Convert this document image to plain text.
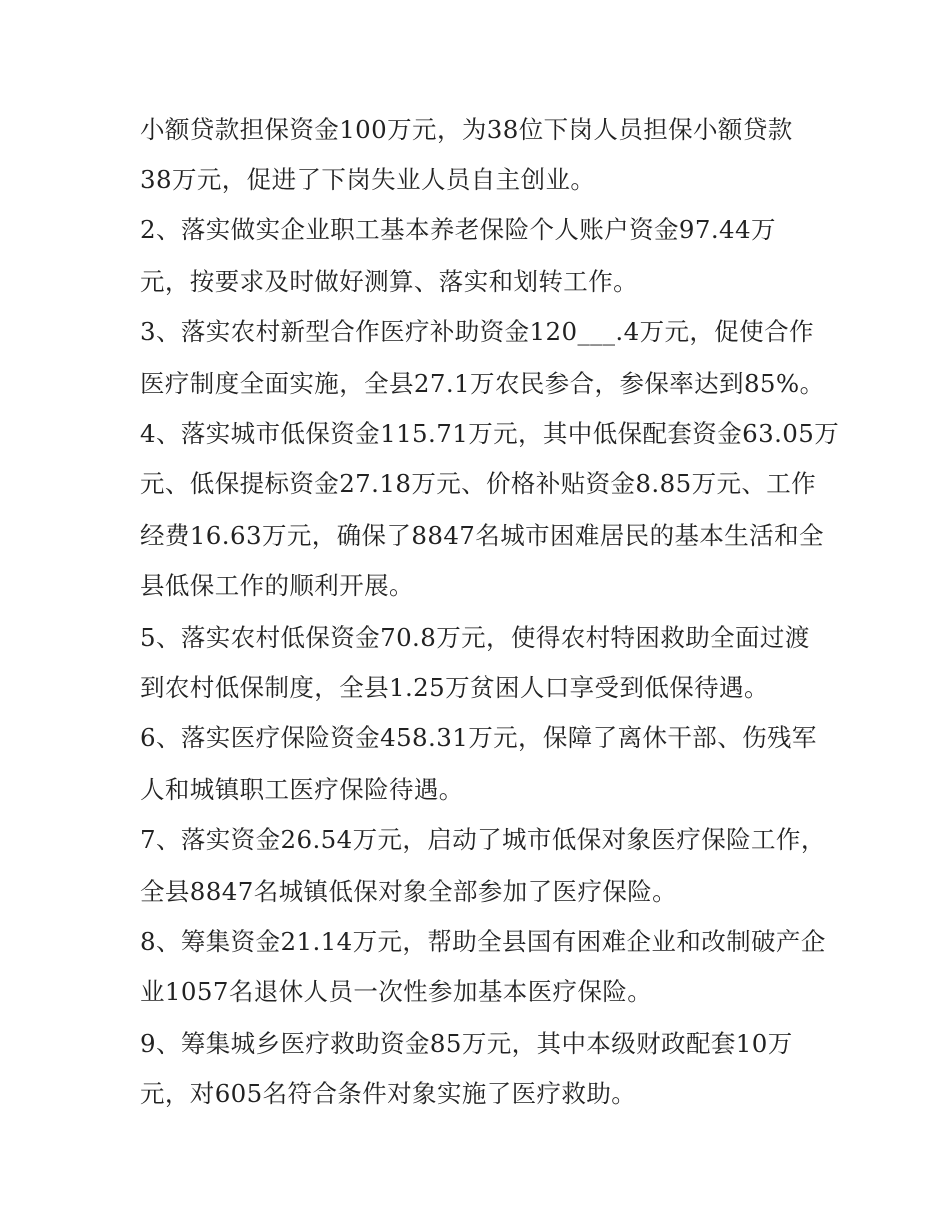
小额贷款担保资金100万元，为38位下岗人员担保小额贷款
38万元，促进了下岗失业人员自主创业。
2、落实做实企业职工基本养老保险个人账户资金97.44万
元，按要求及时做好测算、落实和划转工作。
3、落实农村新型合作医疗补助资金120___.4万元，促使合作
医疗制度全面实施，全县27.1万农民参合，参保率达到85%。
4、落实城市低保资金115.71万元，其中低保配套资金63.05万
元、低保提标资金27.18万元、价格补贴资金8.85万元、工作
经费16.63万元，确保了8847名城市困难居民的基本生活和全
县低保工作的顺利开展。
5、落实农村低保资金70.8万元，使得农村特困救助全面过渡
到农村低保制度，全县1.25万贫困人口享受到低保待遇。
6、落实医疗保险资金458.31万元，保障了离休干部、伤残军
人和城镇职工医疗保险待遇。
7、落实资金26.54万元，启动了城市低保对象医疗保险工作，
全县8847名城镇低保对象全部参加了医疗保险。
8、筹集资金21.14万元，帮助全县国有困难企业和改制破产企
业1057名退休人员一次性参加基本医疗保险。
9、筹集城乡医疗救助资金85万元，其中本级财政配套10万
元，对605名符合条件对象实施了医疗救助。
